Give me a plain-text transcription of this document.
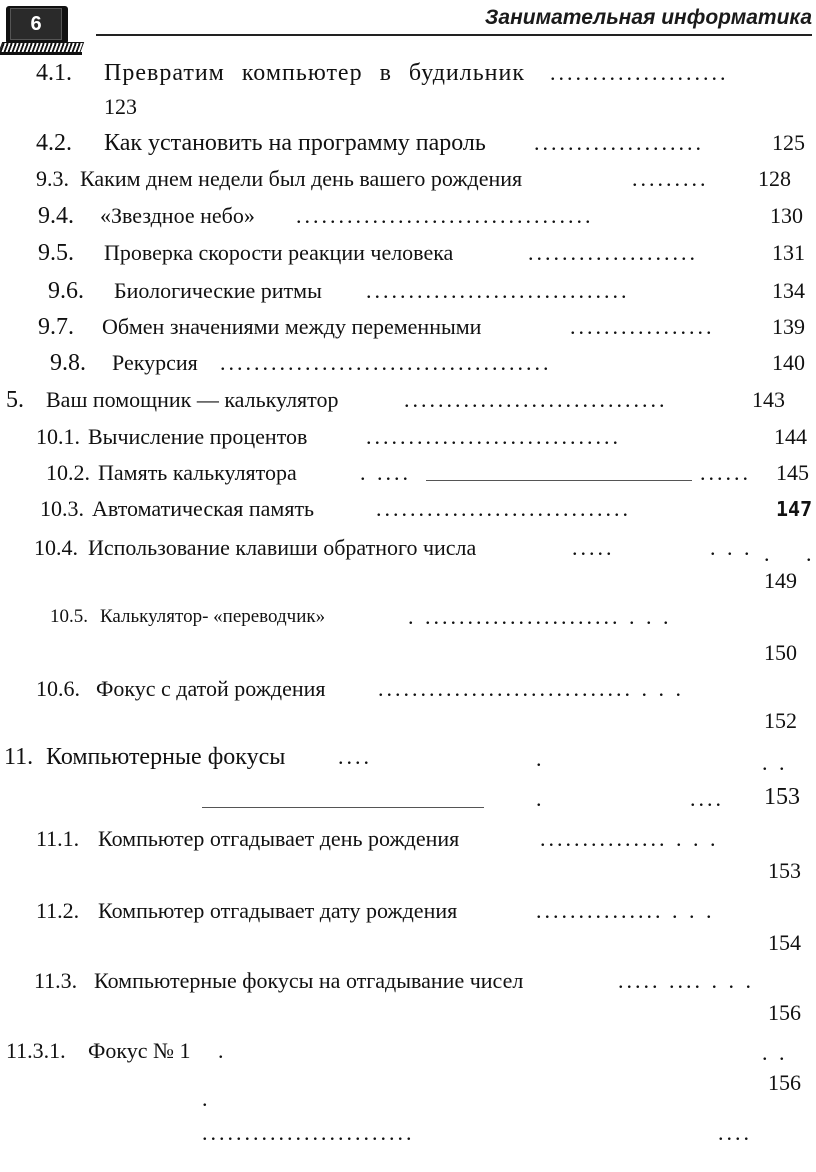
6	Занимательная информатика
4.1. Превратим компьютер в будильник .....................
123
4.2. Как установить на программу пароль ....................	125
9.3. Каким днем недели был день вашего рождения	......... 128
9.4. «Звездное небо» ...................................	130
9.5. Проверка скорости реакции человека	....................	131
9.6. Биологические ритмы ...............................	134
9.7. Обмен значениями между переменными	.................	139
9.8. Рекурсия .......................................	140
5. Ваш помощник — калькулятор	...............................	143
10.1. Вычисление процентов	..............................	144
10.2. Память калькулятора	. ....	...... 145
10.3. Автоматическая память	..............................	147
10.4. Использование клавиши обратного числа	.....	. . . . .
149
10.5. Калькулятор- «переводчик»	. ....................... . . .
150
10.6. Фокус с датой рождения .............................. . . .
152
11. Компьютерные фокусы ....	.	. .
.	.... 153
11.1. Компьютер отгадывает день рождения	............... . . .
153
11.2. Компьютер отгадывает дату рождения	............... . . .
154
11.3. Компьютерные фокусы на отгадывание чисел	..... .... . . .
156
11.3.1. Фокус № 1 .	. .
156
.
.........................	....
